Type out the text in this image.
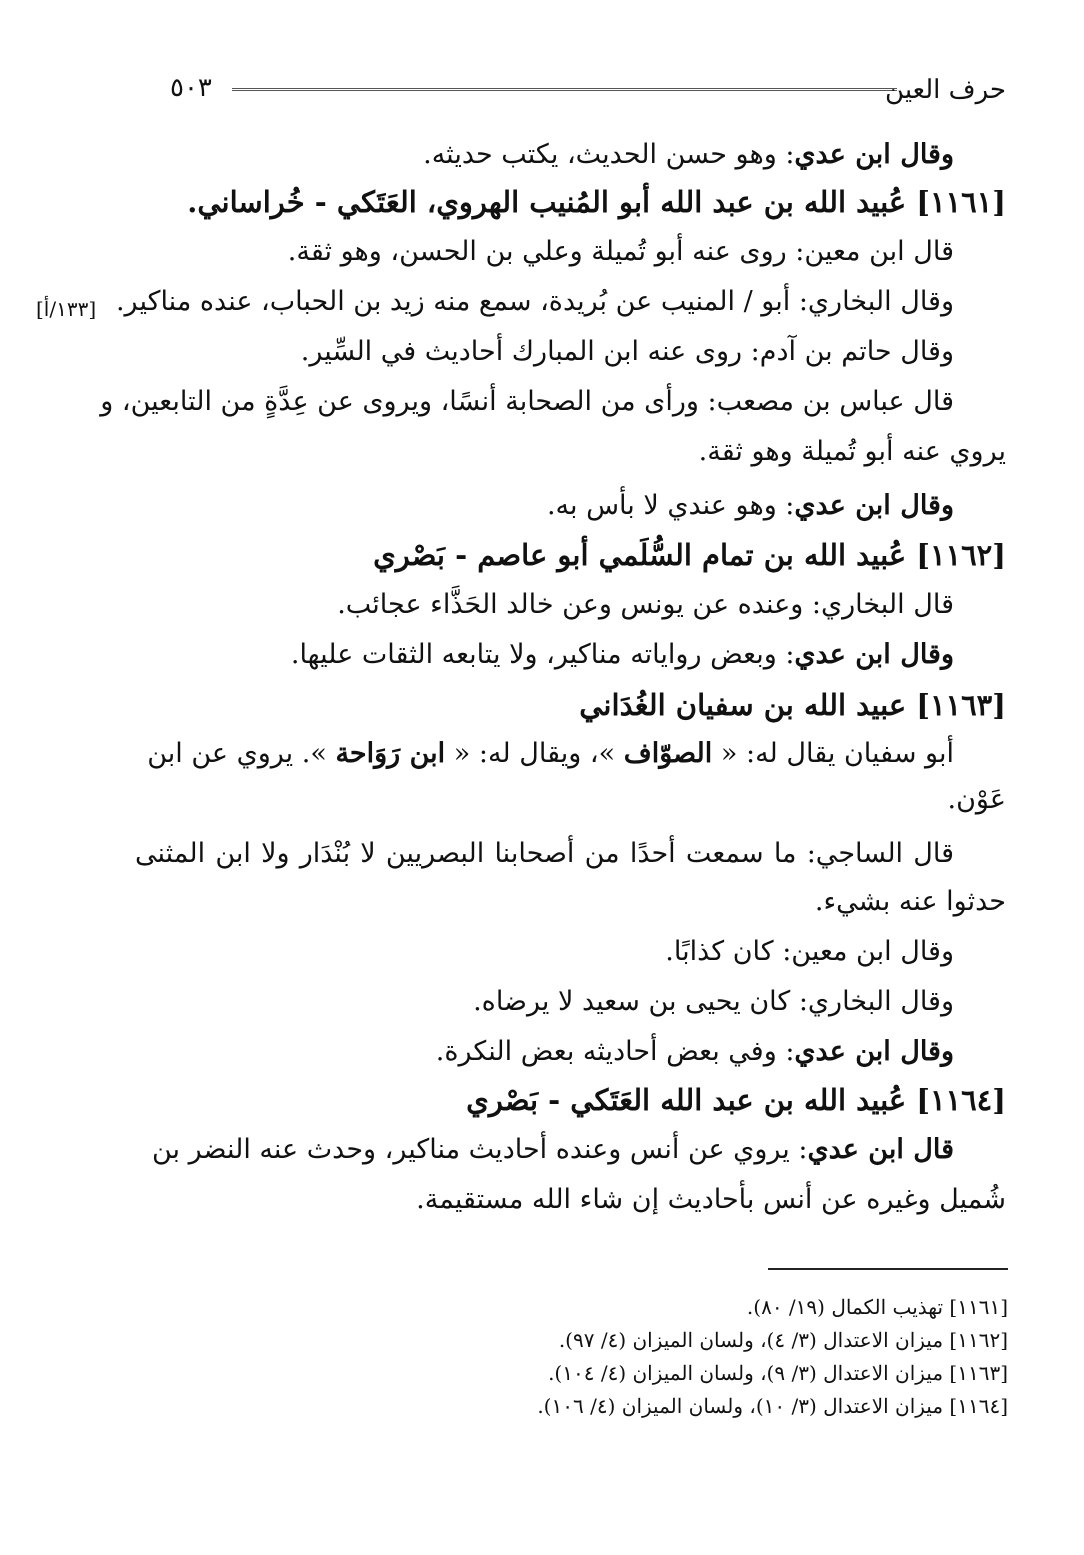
٥٠٣	حرف العين
[١٣٣/أ]
وقال ابن عدي: وهو حسن الحديث، يكتب حديثه.
[١١٦١] عُبيد الله بن عبد الله أبو المُنيب الهروي، العَتَكي - خُراساني.
قال ابن معين: روى عنه أبو تُميلة وعلي بن الحسن، وهو ثقة.
وقال البخاري: أبو / المنيب عن بُريدة، سمع منه زيد بن الحباب، عنده مناكير.
وقال حاتم بن آدم: روى عنه ابن المبارك أحاديث في السِّير.
قال عباس بن مصعب: ورأى من الصحابة أنسًا، ويروى عن عِدَّةٍ من التابعين، و
يروي عنه أبو تُميلة وهو ثقة.
وقال ابن عدي: وهو عندي لا بأس به.
[١١٦٢] عُبيد الله بن تمام السُّلَمي أبو عاصم - بَصْري
قال البخاري: وعنده عن يونس وعن خالد الحَذَّاء عجائب.
وقال ابن عدي: وبعض رواياته مناكير، ولا يتابعه الثقات عليها.
[١١٦٣] عبيد الله بن سفيان الغُدَاني
أبو سفيان يقال له: « الصوّاف »، ويقال له: « ابن رَوَاحة ». يروي عن ابن
عَوْن.
قال الساجي: ما سمعت أحدًا من أصحابنا البصريين لا بُنْدَار ولا ابن المثنى
حدثوا عنه بشيء.
وقال ابن معين: كان كذابًا.
وقال البخاري: كان يحيى بن سعيد لا يرضاه.
وقال ابن عدي: وفي بعض أحاديثه بعض النكرة.
[١١٦٤] عُبيد الله بن عبد الله العَتَكي - بَصْري
قال ابن عدي: يروي عن أنس وعنده أحاديث مناكير، وحدث عنه النضر بن
شُميل وغيره عن أنس بأحاديث إن شاء الله مستقيمة.
[١١٦١] تهذيب الكمال (١٩/ ٨٠).
[١١٦٢] ميزان الاعتدال (٣/ ٤)، ولسان الميزان (٤/ ٩٧).
[١١٦٣] ميزان الاعتدال (٣/ ٩)، ولسان الميزان (٤/ ١٠٤).
[١١٦٤] ميزان الاعتدال (٣/ ١٠)، ولسان الميزان (٤/ ١٠٦).
